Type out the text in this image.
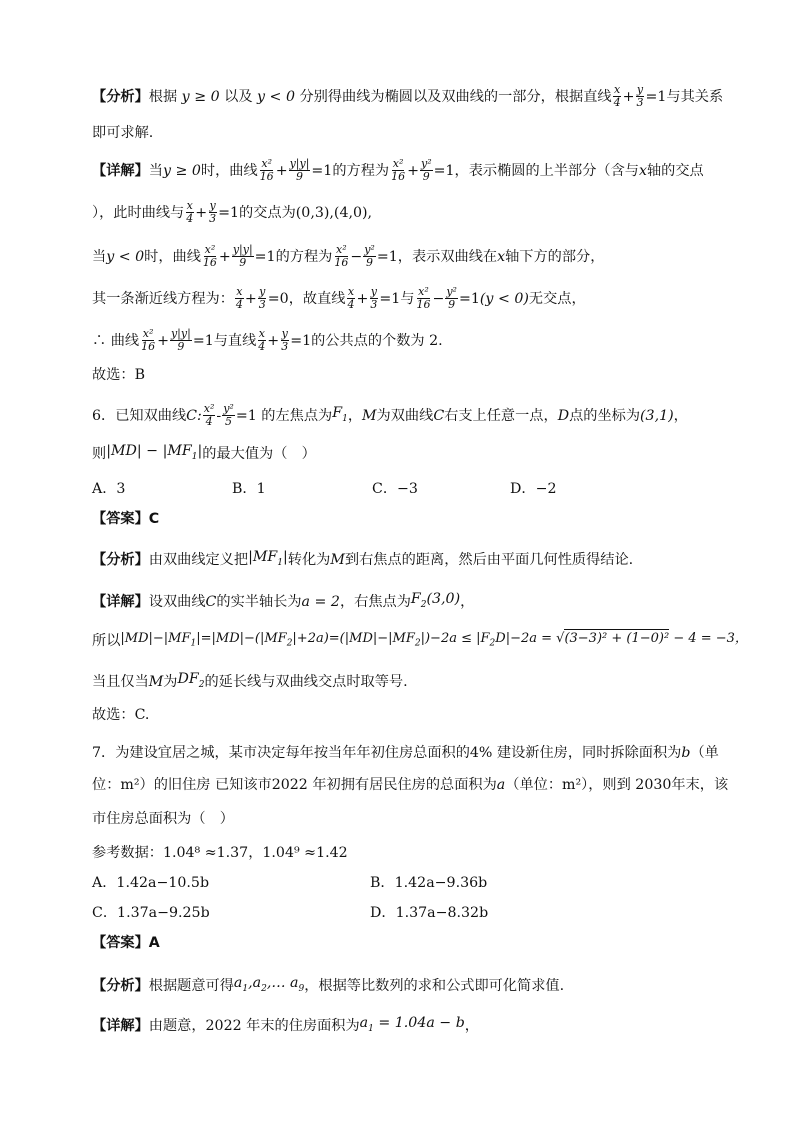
【分析】 根据 y ≥ 0 以及 y < 0 分别得曲线为椭圆以及双曲线的一部分，根据直线 $\frac{x}{4} + \frac{y}{3} =1$与其关系
即可求解.
【详解】 当 y ≥ 0 时，曲线 $\frac{\text{x²}}{16} + \frac{y|y|}{9} =1$的方程为 $\frac{\text{x²}}{16} + \frac{\text{y²}}{9} =1$，表示椭圆的上半部分（含与 x 轴的交点
），此时曲线与 $\frac{x}{4} + \frac{y}{3} =1$的交点为(0,3),(4,0),
当 y < 0 时，曲线 $\frac{\text{x²}}{16} + \frac{y|y|}{9} =1$的方程为 $\frac{\text{x²}}{16} - \frac{\text{y²}}{9} =1$，表示双曲线在 x 轴下方的部分，
其一条渐近线方程为： $\frac{x}{4} + \frac{y}{3} =0$，故直线 $\frac{x}{4} + \frac{y}{3} =1$与 $\frac{\text{x²}}{16} - \frac{\text{y²}}{9} =1$ (y < 0) 无交点，
∴ 曲线 $\frac{\text{x²}}{16} + \frac{y|y|}{9} =1$与直线 $\frac{x}{4} + \frac{y}{3} =1$的公共点的个数为 2.
故选：B
6．已知双曲线 C: $\frac{\text{x²}}{4} - \frac{\text{y²}}{5} =1$ 的左焦点为 $F_1$ ， M 为双曲线 C 右支上任意一点， D 点的坐标为 (3,1) ，
则 $|MD| - |MF_1|$ 的最大值为（　）
A．3	B．1	C．−3	D．−2
【答案】C
【分析】 由双曲线定义把 $|MF_1|$ 转化为 M 到右焦点的距离，然后由平面几何性质得结论.
【详解】 设双曲线 C 的实半轴长为 a = 2 ，右焦点为 $F_2(3,0)$ ，
所以 $|MD|-|MF_1|=|MD|-(|MF_2|+2a)=(|MD|-|MF_2|)-2a \le |F_2D|-2a = √(3-3)^2 + (1-0)^2 - 4 = -3$，
当且仅当 M 为 $DF_2$ 的延长线与双曲线交点时取等号.
故选：C.
7．为建设宜居之城，某市决定每年按当年年初住房总面积的4% 建设新住房，同时拆除面积为 b （单
位：m²）的旧住房 已知该市2022 年初拥有居民住房的总面积为 a （单位：m²），则到 2030年末，该
市住房总面积为（　）
参考数据：1.04⁸ ≈1.37，1.04⁹ ≈1.42
A．1.42a−10.5b	B．1.42a−9.36b
C．1.37a−9.25b	D．1.37a−8.32b
【答案】A
【分析】 根据题意可得 $a_1,a_2,\dots$ $a_9$ ，根据等比数列的求和公式即可化简求值.
【详解】 由题意，2022 年末的住房面积为 $a_1 = 1.04a - b$ ，
